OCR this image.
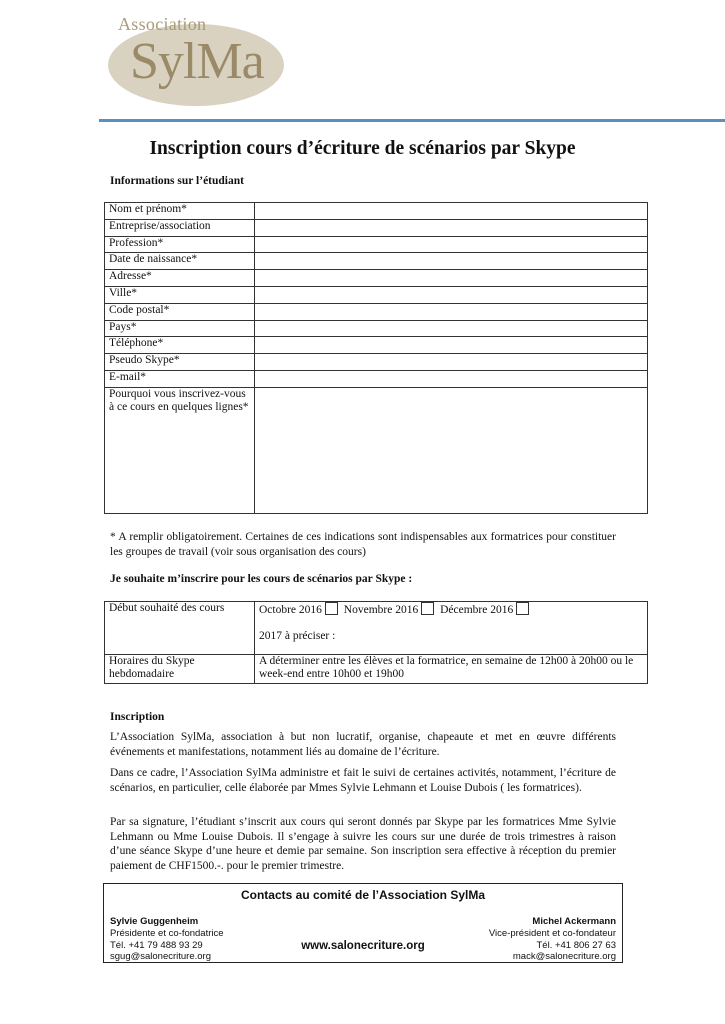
Association
SylMa
Inscription cours d’écriture de scénarios par Skype
Informations sur l’étudiant
Nom et prénom*	
Entreprise/association	
Profession*	
Date de naissance*	
Adresse*	
Ville*	
Code postal*	
Pays*	
Téléphone*	
Pseudo Skype*	
E-mail*	
Pourquoi vous inscrivez-vous à ce cours en quelques lignes*	
* A remplir obligatoirement. Certaines de ces indications sont indispensables aux formatrices pour constituer les groupes de travail (voir sous organisation des cours)
Je souhaite m’inscrire pour les cours de scénarios par Skype :
Début souhaité des cours	Octobre 2016 Novembre 2016 Décembre 2016
2017 à préciser :

Horaires du Skype hebdomadaire	A déterminer entre les élèves et la formatrice, en semaine de 12h00 à 20h00 ou le week-end entre 10h00 et 19h00
Inscription
L’Association SylMa, association à but non lucratif, organise, chapeaute et met en œuvre différents événements et manifestations, notamment liés au domaine de l’écriture.
Dans ce cadre, l’Association SylMa administre et fait le suivi de certaines activités, notamment, l’écriture de scénarios, en particulier, celle élaborée par Mmes Sylvie Lehmann et Louise Dubois ( les formatrices).
Par sa signature, l’étudiant s’inscrit aux cours qui seront donnés par Skype par les formatrices Mme Sylvie Lehmann ou Mme Louise Dubois. Il s’engage à suivre les cours sur une durée de trois trimestres à raison d’une séance Skype d’une heure et demie par semaine. Son inscription sera effective à réception du premier paiement de CHF1500.-. pour le premier trimestre.
Contacts au comité de l’Association SylMa
Sylvie Guggenheim
Présidente et co-fondatrice
Tél. +41 79 488 93 29
sgug@salonecriture.org
www.salonecriture.org
Michel Ackermann
Vice-président et co-fondateur
Tél. +41 806 27 63
mack@salonecriture.org
